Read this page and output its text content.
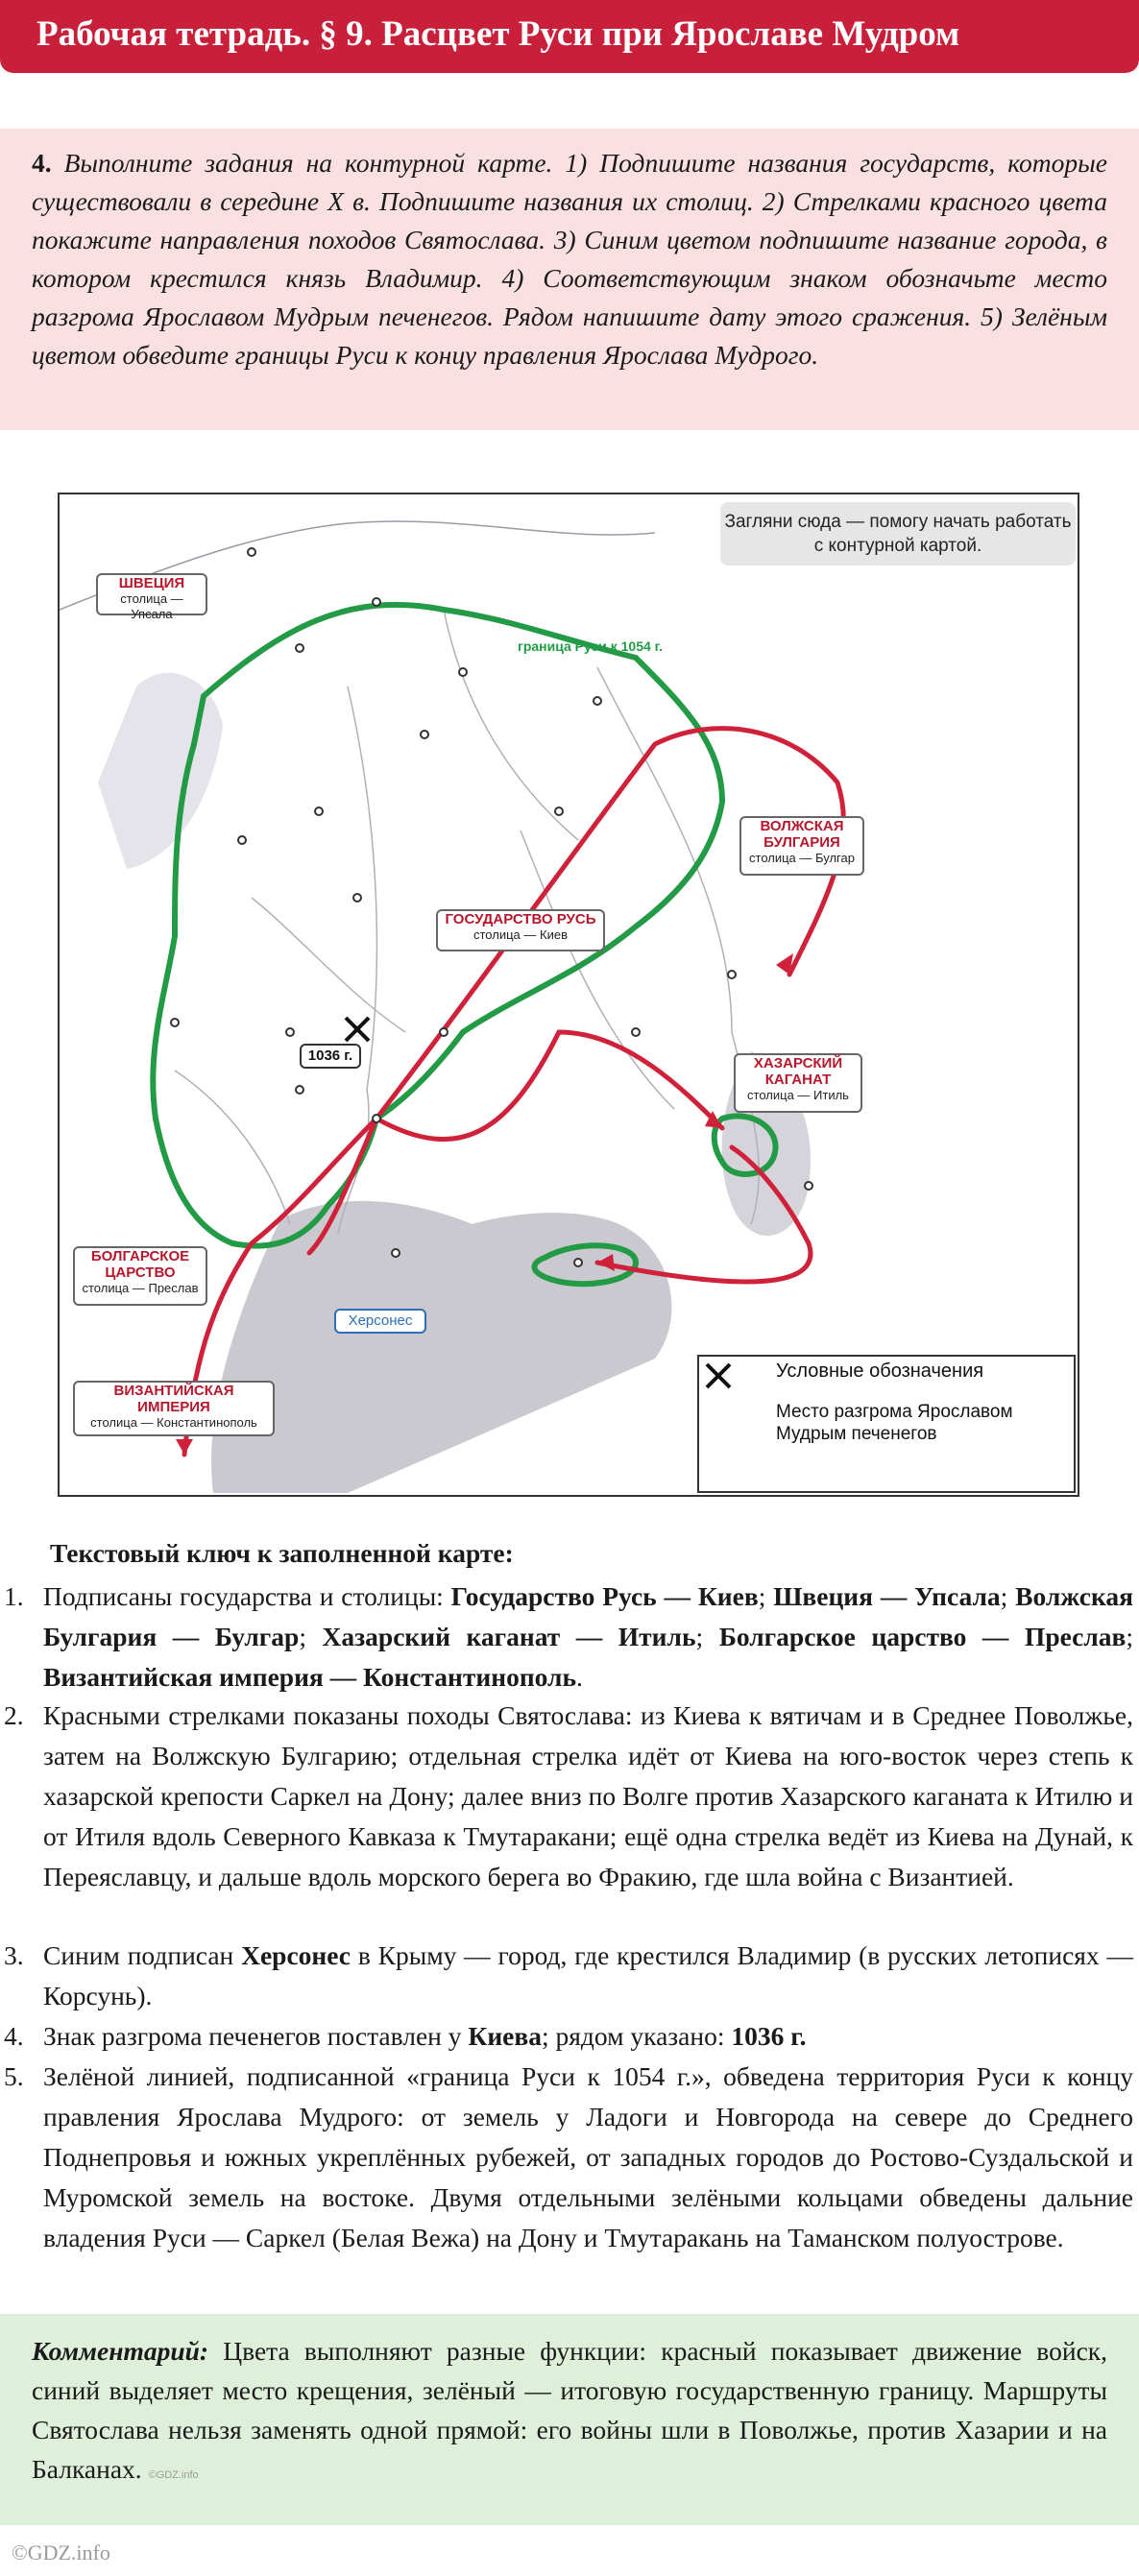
Рабочая тетрадь. § 9. Расцвет Руси при Ярославе Мудром
4. Выполните задания на контурной карте. 1) Подпишите названия государств, которые существовали в середине X в. Подпишите названия их столиц. 2) Стрелками красного цвета покажите направления походов Святослава. 3) Синим цветом подпишите название города, в котором крестился князь Владимир. 4) Соответствующим знаком обозначьте место разгрома Ярославом Мудрым печенегов. Рядом напишите дату этого сражения. 5) Зелёным цветом обведите границы Руси к концу правления Ярослава Мудрого.
Загляни сюда — помогу начать работать с контурной картой.
ШВЕЦИЯ
столица — Упсала
ГОСУДАРСТВО РУСЬ
столица — Киев
ВОЛЖСКАЯ БУЛГАРИЯ
столица — Булгар
ХАЗАРСКИЙ КАГАНАТ
столица — Итиль
БОЛГАРСКОЕ ЦАРСТВО
столица — Преслав
ВИЗАНТИЙСКАЯ ИМПЕРИЯ
столица — Константинополь
граница Руси к 1054 г.
1036 г.
Херсонес
Условные обозначения
Место разгрома Ярославом Мудрым печенегов
Текстовый ключ к заполненной карте:
1. Подписаны государства и столицы: Государство Русь — Киев; Швеция — Упсала; Волжская Булгария — Булгар; Хазарский каганат — Итиль; Болгарское царство — Преслав; Византийская империя — Константинополь.
2. Красными стрелками показаны походы Святослава: из Киева к вятичам и в Среднее Поволжье, затем на Волжскую Булгарию; отдельная стрелка идёт от Киева на юго-восток через степь к хазарской крепости Саркел на Дону; далее вниз по Волге против Хазарского каганата к Итилю и от Итиля вдоль Северного Кавказа к Тмутаракани; ещё одна стрелка ведёт из Киева на Дунай, к Переяславцу, и дальше вдоль морского берега во Фракию, где шла война с Византией.
3. Синим подписан Херсонес в Крыму — город, где крестился Владимир (в русских летописях — Корсунь).
4. Знак разгрома печенегов поставлен у Киева; рядом указано: 1036 г.
5. Зелёной линией, подписанной «граница Руси к 1054 г.», обведена территория Руси к концу правления Ярослава Мудрого: от земель у Ладоги и Новгорода на севере до Среднего Поднепровья и южных укреплённых рубежей, от западных городов до Ростово-Суздальской и Муромской земель на востоке. Двумя отдельными зелёными кольцами обведены дальние владения Руси — Саркел (Белая Вежа) на Дону и Тмутаракань на Таманском полуострове.
Комментарий: Цвета выполняют разные функции: красный показывает движение войск, синий выделяет место крещения, зелёный — итоговую государственную границу. Маршруты Святослава нельзя заменять одной прямой: его войны шли в Поволжье, против Хазарии и на Балканах. ©GDZ.info
©GDZ.info
